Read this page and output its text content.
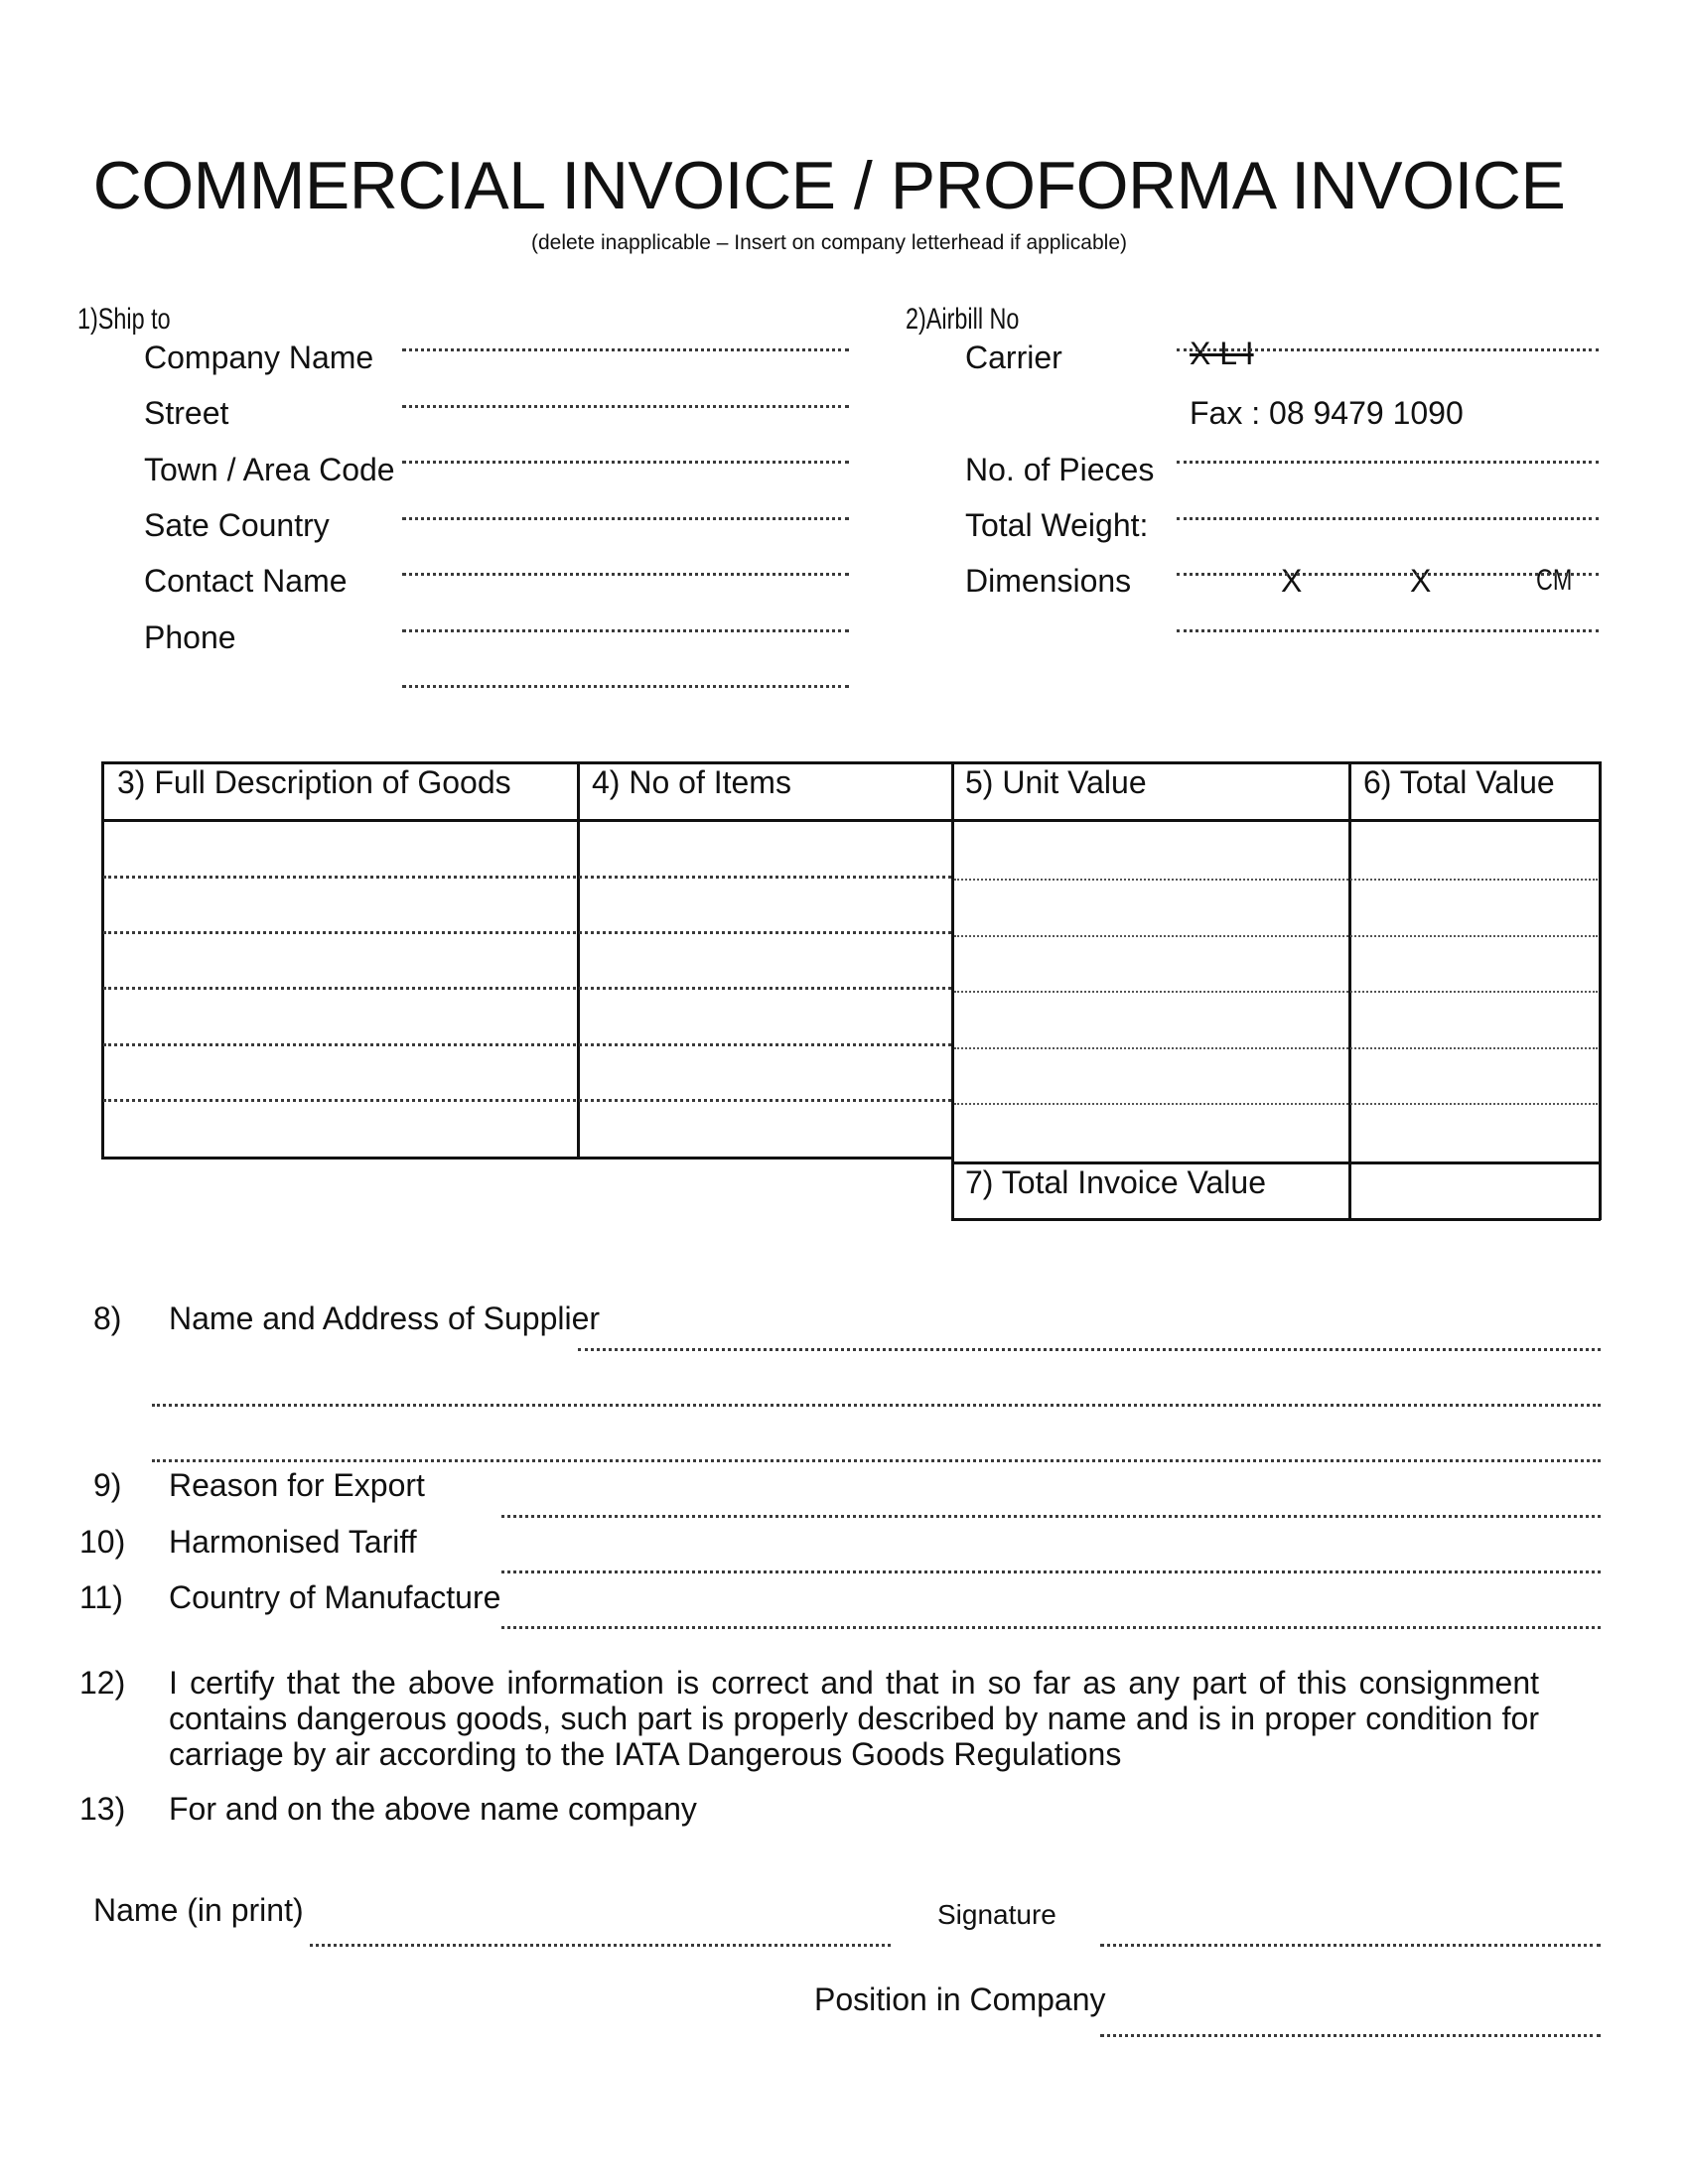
COMMERCIAL INVOICE / PROFORMA INVOICE
(delete inapplicable – Insert on company letterhead if applicable)
1)Ship to
Company Name
Street
Town / Area Code
Sate Country
Contact Name
Phone
2)Airbill No
Carrier	X L I
Fax : 08 9479 1090
No. of Pieces
Total Weight:
Dimensions	X	X	CM
3) Full Description of Goods	4) No of Items	5) Unit Value	6) Total Value
7) Total Invoice Value
8) Name and Address of Supplier
9) Reason for Export
10) Harmonised Tariff
11) Country of Manufacture
12) I certify that the above information is correct and that in so far as any part of this consignment contains dangerous goods, such part is properly described by name and is in proper condition for carriage by air according to the IATA Dangerous Goods Regulations
13) For and on the above name company
Name (in print)	Signature
Position in Company
